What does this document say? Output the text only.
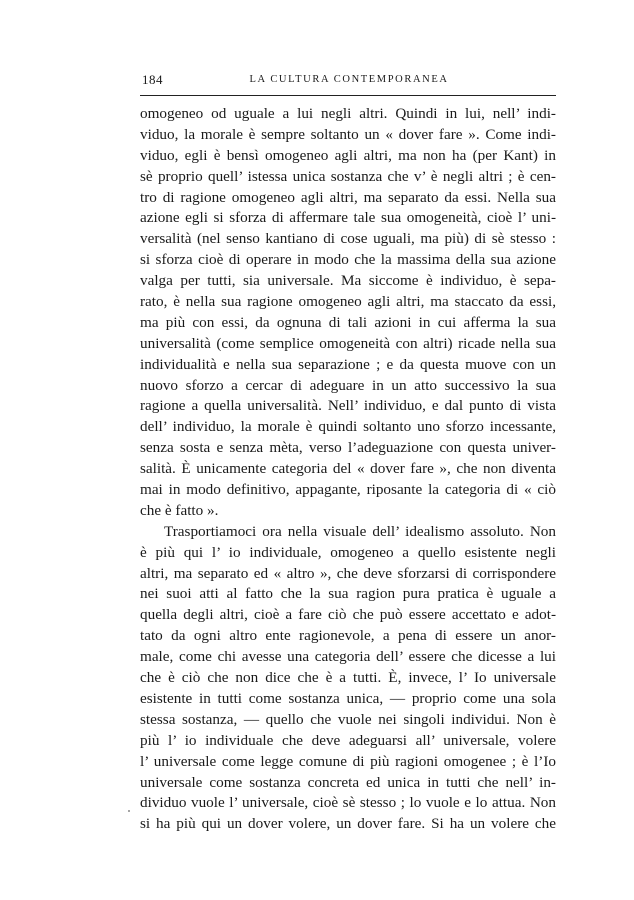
184	LA CULTURA CONTEMPORANEA
omogeneo od uguale a lui negli altri. Quindi in lui, nell’ indi-
viduo, la morale è sempre soltanto un « dover fare ». Come indi-
viduo, egli è bensì omogeneo agli altri, ma non ha (per Kant) in
sè proprio quell’ istessa unica sostanza che v’ è negli altri ; è cen-
tro di ragione omogeneo agli altri, ma separato da essi. Nella sua
azione egli si sforza di affermare tale sua omogeneità, cioè l’ uni-
versalità (nel senso kantiano di cose uguali, ma più) di sè stesso :
si sforza cioè di operare in modo che la massima della sua azione
valga per tutti, sia universale. Ma siccome è individuo, è sepa-
rato, è nella sua ragione omogeneo agli altri, ma staccato da essi,
ma più con essi, da ognuna di tali azioni in cui afferma la sua
universalità (come semplice omogeneità con altri) ricade nella sua
individualità e nella sua separazione ; e da questa muove con un
nuovo sforzo a cercar di adeguare in un atto successivo la sua
ragione a quella universalità. Nell’ individuo, e dal punto di vista
dell’ individuo, la morale è quindi soltanto uno sforzo incessante,
senza sosta e senza mèta, verso l’adeguazione con questa univer-
salità. È unicamente categoria del « dover fare », che non diventa
mai in modo definitivo, appagante, riposante la categoria di « ciò
che è fatto ».
Trasportiamoci ora nella visuale dell’ idealismo assoluto. Non
è più qui l’ io individuale, omogeneo a quello esistente negli
altri, ma separato ed « altro », che deve sforzarsi di corrispondere
nei suoi atti al fatto che la sua ragion pura pratica è uguale a
quella degli altri, cioè a fare ciò che può essere accettato e adot-
tato da ogni altro ente ragionevole, a pena di essere un anor-
male, come chi avesse una categoria dell’ essere che dicesse a lui
che è ciò che non dice che è a tutti. È, invece, l’ Io universale
esistente in tutti come sostanza unica, — proprio come una sola
stessa sostanza, — quello che vuole nei singoli individui. Non è
più l’ io individuale che deve adeguarsi all’ universale, volere
l’ universale come legge comune di più ragioni omogenee ; è l’Io
universale come sostanza concreta ed unica in tutti che nell’ in-
dividuo vuole l’ universale, cioè sè stesso ; lo vuole e lo attua. Non
si ha più qui un dover volere, un dover fare. Si ha un volere che
